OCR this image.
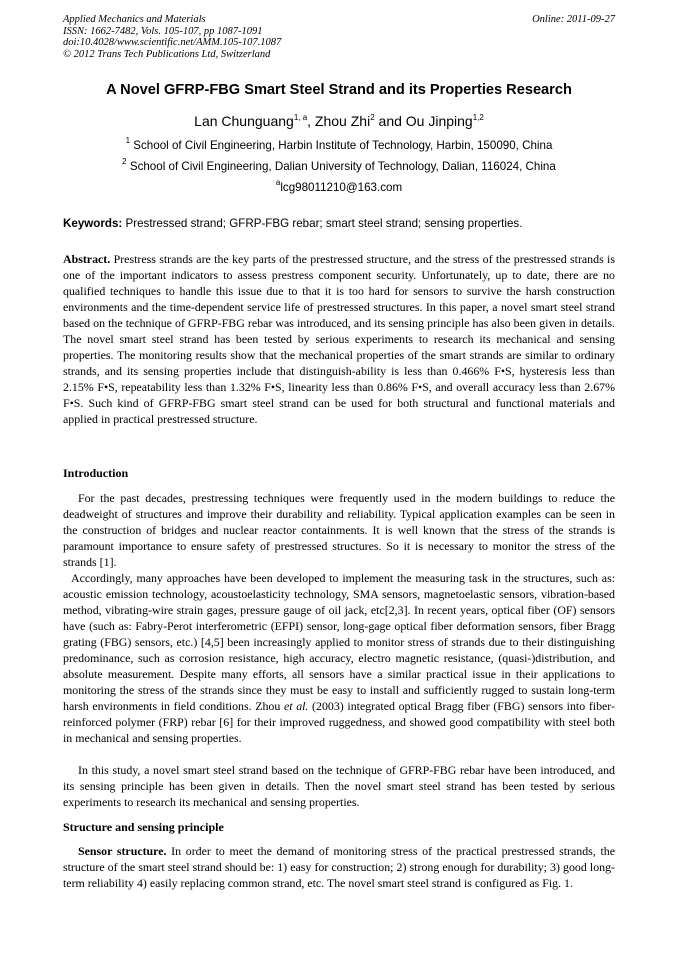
Applied Mechanics and Materials
ISSN: 1662-7482, Vols. 105-107, pp 1087-1091
doi:10.4028/www.scientific.net/AMM.105-107.1087
© 2012 Trans Tech Publications Ltd, Switzerland
Online: 2011-09-27
A Novel GFRP-FBG Smart Steel Strand and its Properties Research
Lan Chunguang$^{1, a}$, Zhou Zhi$^2$ and Ou Jinping$^{1,2}$
$^1$ School of Civil Engineering, Harbin Institute of Technology, Harbin, 150090, China
$^2$ School of Civil Engineering, Dalian University of Technology, Dalian, 116024, China
$^a$lcg98011210@163.com
Keywords: Prestressed strand; GFRP-FBG rebar; smart steel strand; sensing properties.
Abstract. Prestress strands are the key parts of the prestressed structure, and the stress of the prestressed strands is one of the important indicators to assess prestress component security. Unfortunately, up to date, there are no qualified techniques to handle this issue due to that it is too hard for sensors to survive the harsh construction environments and the time-dependent service life of prestressed structures. In this paper, a novel smart steel strand based on the technique of GFRP-FBG rebar was introduced, and its sensing principle has also been given in details. The novel smart steel strand has been tested by serious experiments to research its mechanical and sensing properties. The monitoring results show that the mechanical properties of the smart strands are similar to ordinary strands, and its sensing properties include that distinguish-ability is less than 0.466% F•S, hysteresis less than 2.15% F•S, repeatability less than 1.32% F•S, linearity less than 0.86% F•S, and overall accuracy less than 2.67% F•S. Such kind of GFRP-FBG smart steel strand can be used for both structural and functional materials and applied in practical prestressed structure.
Introduction
For the past decades, prestressing techniques were frequently used in the modern buildings to reduce the deadweight of structures and improve their durability and reliability. Typical application examples can be seen in the construction of bridges and nuclear reactor containments. It is well known that the stress of the strands is paramount importance to ensure safety of prestressed structures. So it is necessary to monitor the stress of the strands [1].
Accordingly, many approaches have been developed to implement the measuring task in the structures, such as: acoustic emission technology, acoustoelasticity technology, SMA sensors, magnetoelastic sensors, vibration-based method, vibrating-wire strain gages, pressure gauge of oil jack, etc[2,3]. In recent years, optical fiber (OF) sensors have (such as: Fabry-Perot interferometric (EFPI) sensor, long-gage optical fiber deformation sensors, fiber Bragg grating (FBG) sensors, etc.) [4,5] been increasingly applied to monitor stress of strands due to their distinguishing predominance, such as corrosion resistance, high accuracy, electro magnetic resistance, (quasi-)distribution, and absolute measurement. Despite many efforts, all sensors have a similar practical issue in their applications to monitoring the stress of the strands since they must be easy to install and sufficiently rugged to sustain long-term harsh environments in field conditions. Zhou et al. (2003) integrated optical Bragg fiber (FBG) sensors into fiber-reinforced polymer (FRP) rebar [6] for their improved ruggedness, and showed good compatibility with steel both in mechanical and sensing properties.
In this study, a novel smart steel strand based on the technique of GFRP-FBG rebar have been introduced, and its sensing principle has been given in details. Then the novel smart steel strand has been tested by serious experiments to research its mechanical and sensing properties.
Structure and sensing principle
Sensor structure. In order to meet the demand of monitoring stress of the practical prestressed strands, the structure of the smart steel strand should be: 1) easy for construction; 2) strong enough for durability; 3) good long-term reliability 4) easily replacing common strand, etc. The novel smart steel strand is configured as Fig. 1.
